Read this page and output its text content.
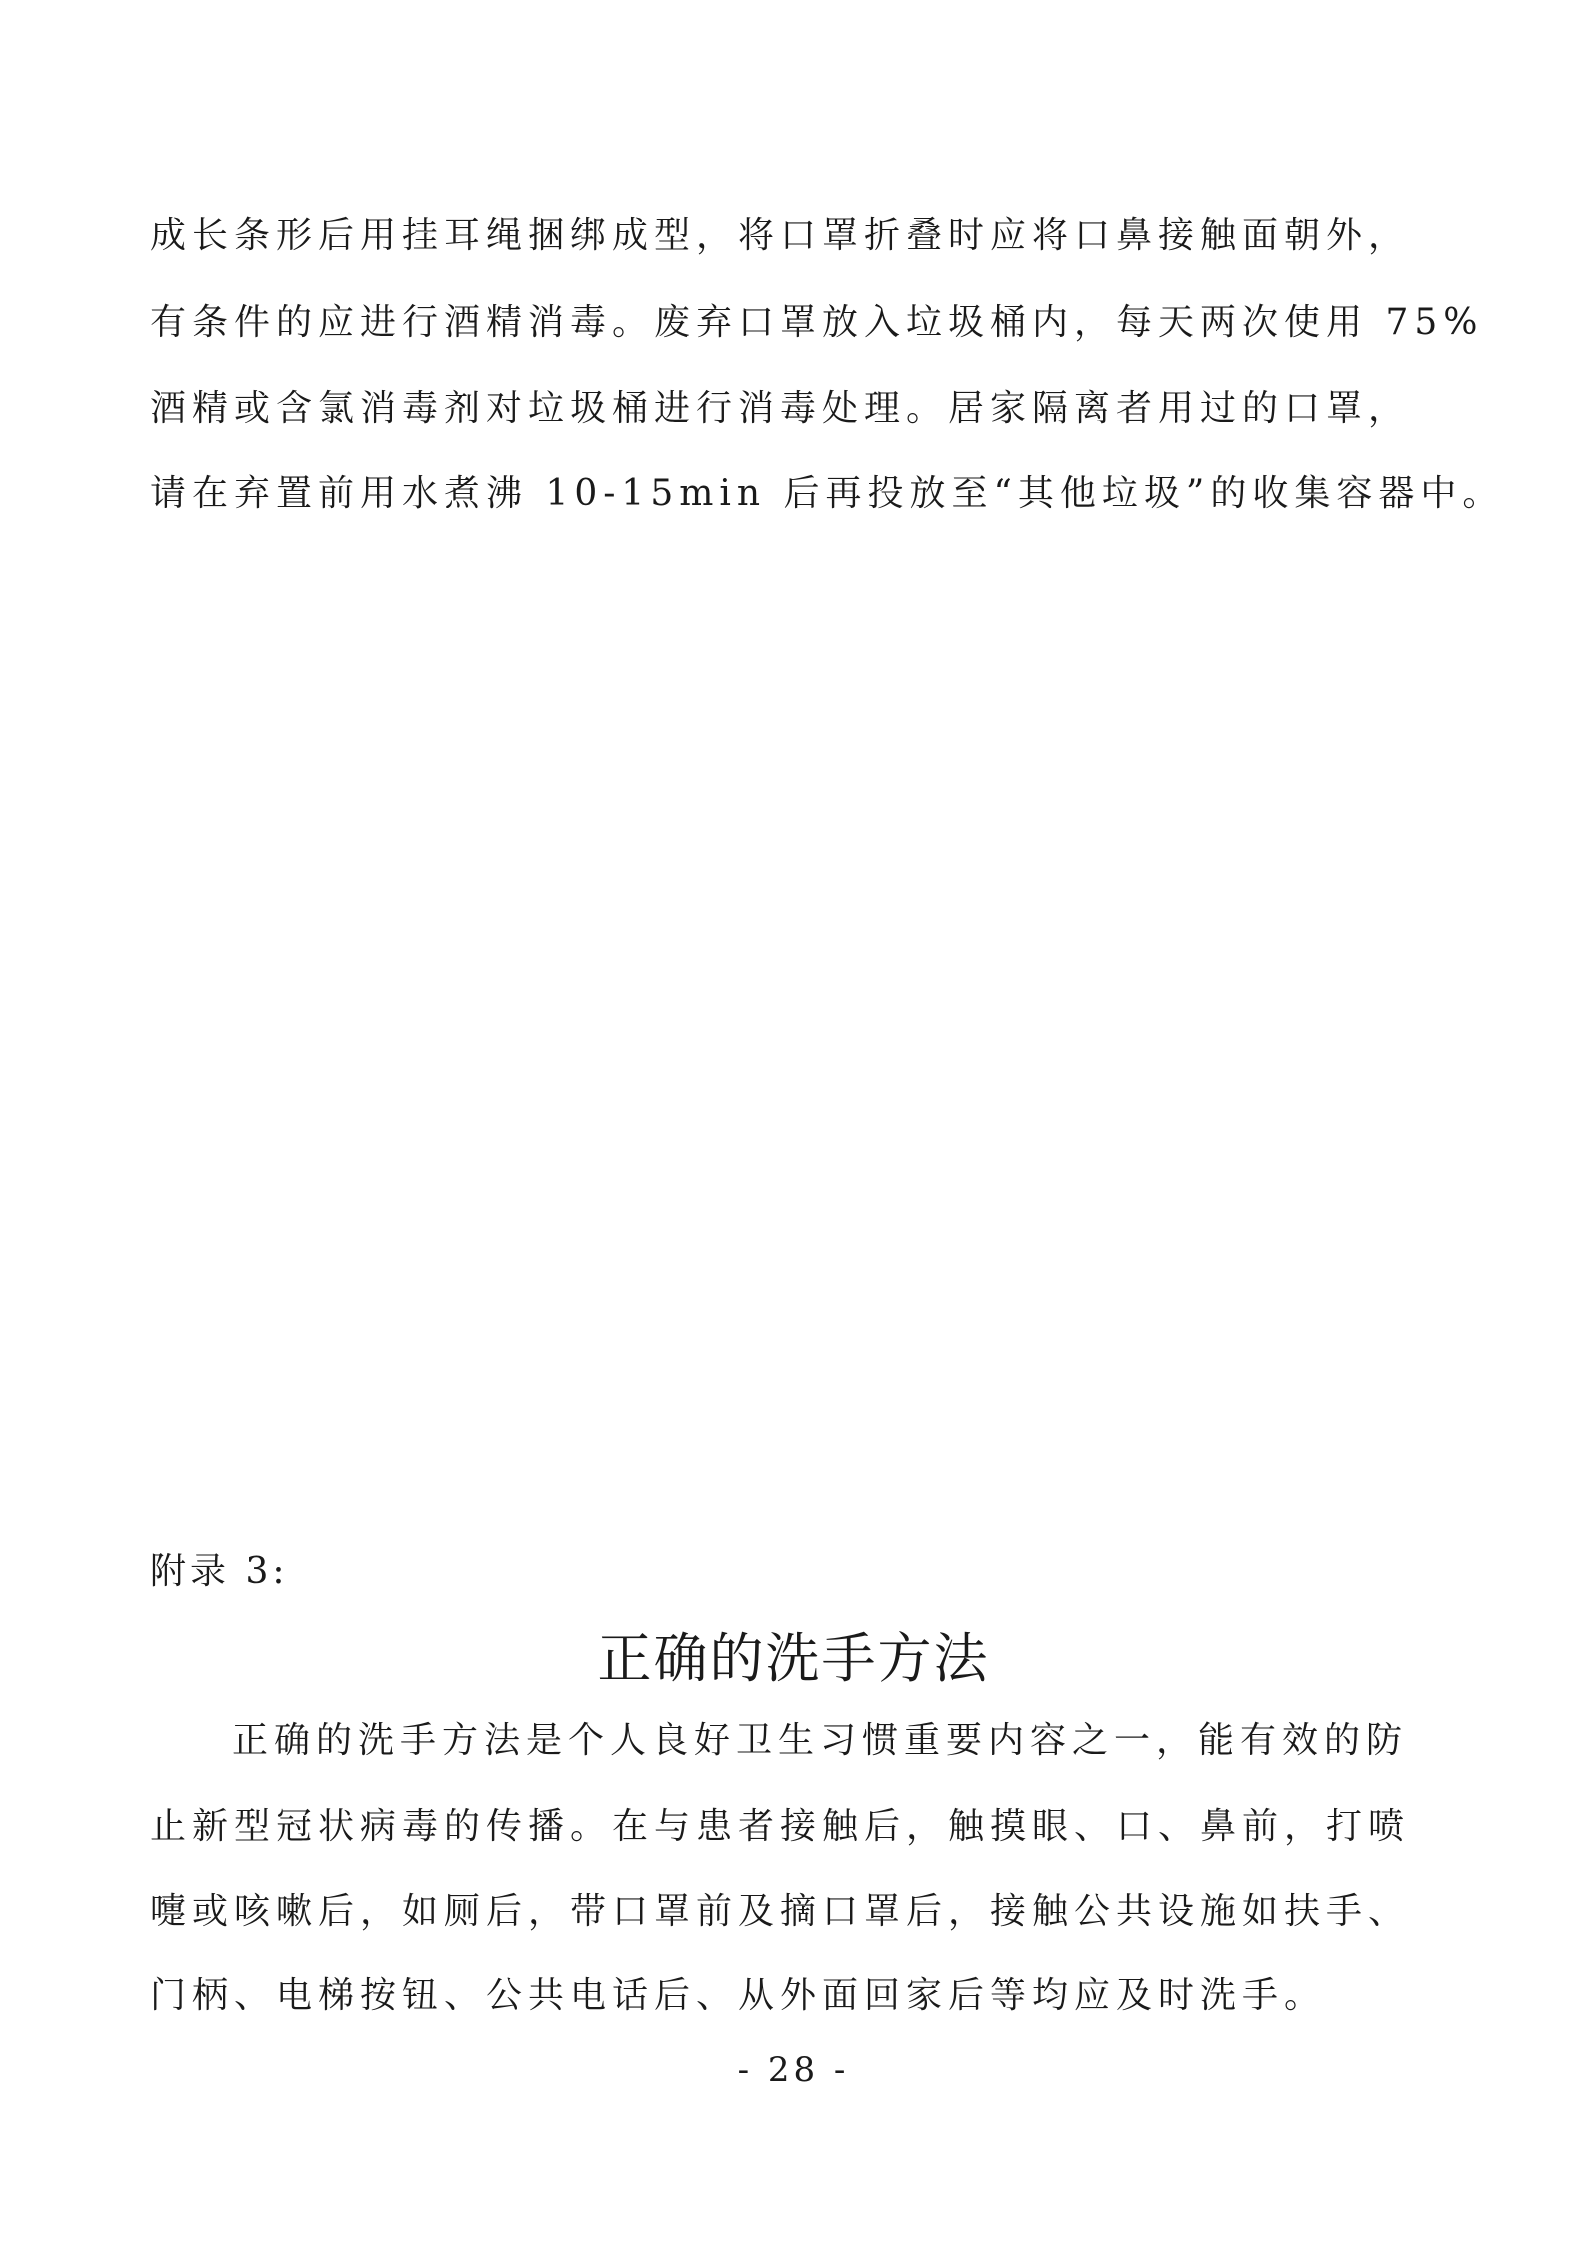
成长条形后用挂耳绳捆绑成型，将口罩折叠时应将口鼻接触面朝外，
有条件的应进行酒精消毒。废弃口罩放入垃圾桶内，每天两次使用 75%
酒精或含氯消毒剂对垃圾桶进行消毒处理。居家隔离者用过的口罩，
请在弃置前用水煮沸 10-15min 后再投放至“其他垃圾”的收集容器中。
附录 3:
正确的洗手方法
正确的洗手方法是个人良好卫生习惯重要内容之一，能有效的防
止新型冠状病毒的传播。在与患者接触后，触摸眼、口、鼻前，打喷
嚏或咳嗽后，如厕后，带口罩前及摘口罩后，接触公共设施如扶手、
门柄、电梯按钮、公共电话后、从外面回家后等均应及时洗手。
- 28 -
